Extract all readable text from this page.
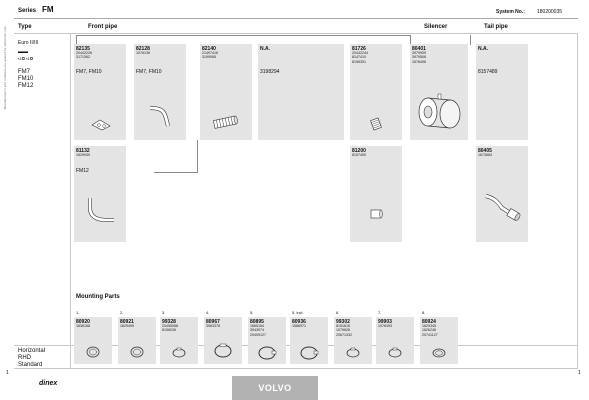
Manufacturer's part numbers are quoted for reference only
Series FM	System No.: 180200035
Type	Front pipe	Silencer	Tail pipe
Euro II/III
▬▬
▪1✪ ▪1✪
FM7
FM10
FM12
Horizontal
RHD
Standard
82135
20442226
3171362
FM7, FM10
82128
1076136
FM7, FM10
82140
21497416
3199065
N.A.
3198294
81726
20442244
8147410
8196351
80401
3979909
3979508
1676496
N.A.
8157489
81132
1629939
FM12
81200
8157450
80405
1673684
Mounting Parts
1.
80920
1636168
2.
80921
1629499
3.
99328
20455068
8156036
4.
80967
3963378
5.
80895
1665164
3943974
20409127
5. incl.
80936
1586971
6.
99302
8151616
1079626
20671332
7.
99903
1076493
8.
80924
1629345
1626246
20741127
dinex	VOLVO
1	1
